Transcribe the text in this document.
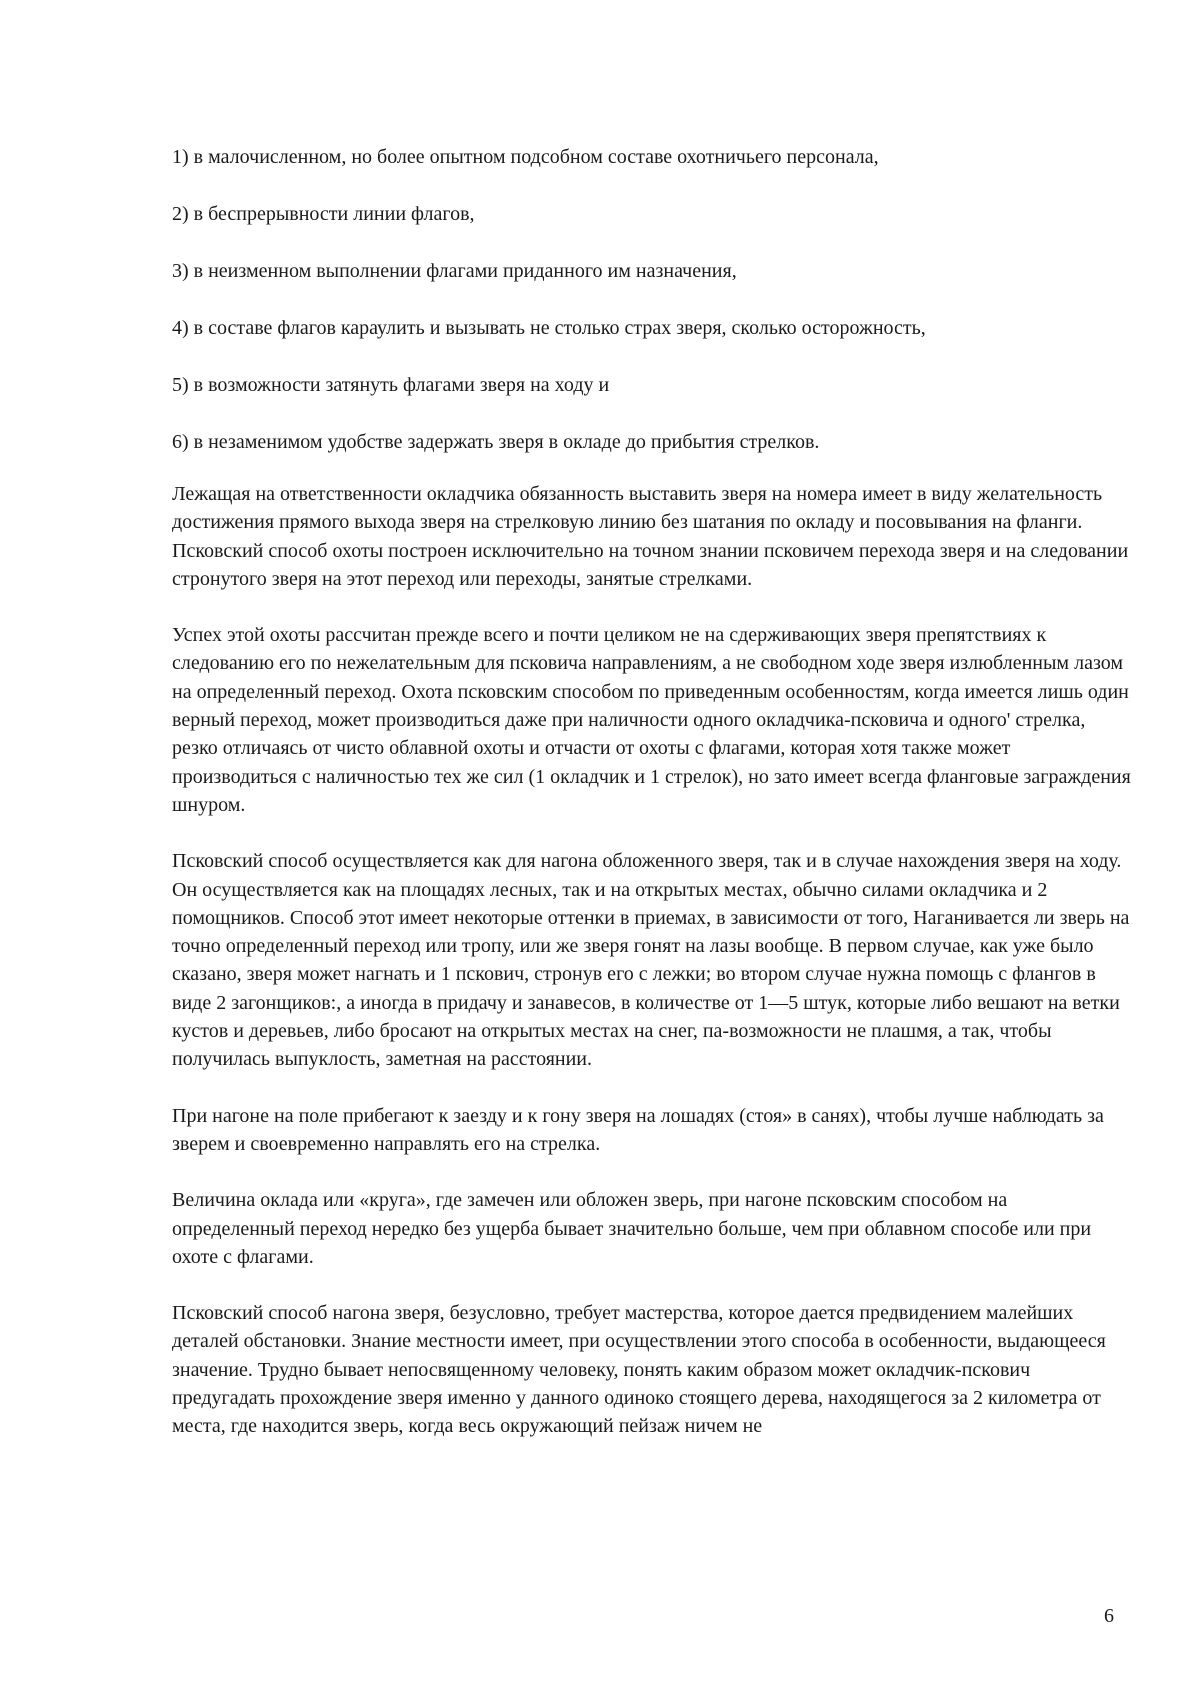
1) в малочисленном, но более опытном подсобном составе охотничьего персонала,
2) в беспрерывности линии флагов,
3) в неизменном выполнении флагами приданного им назначения,
4) в составе флагов караулить и вызывать не столько страх зверя, сколько осторожность,
5) в возможности затянуть флагами зверя на ходу и
6) в незаменимом удобстве задержать зверя в окладе до прибытия стрелков.

Лежащая на ответственности окладчика обязанность выставить зверя на номера имеет в виду желательность достижения прямого выхода зверя на стрелковую линию без шатания по окладу и посовывания на фланги. Псковский способ охоты построен исключительно на точном знании псковичем перехода зверя и на следовании стронутого зверя на этот переход или переходы, занятые стрелками.

Успех этой охоты рассчитан прежде всего и почти целиком не на сдерживающих зверя препятствиях к следованию его по нежелательным для псковича направлениям, а не свободном ходе зверя излюбленным лазом на определенный переход. Охота псковским способом по приведенным особенностям, когда имеется лишь один верный переход, может производиться даже при наличности одного окладчика-псковича и одного' стрелка, резко отличаясь от чисто облавной охоты и отчасти от охоты с флагами, которая хотя также может производиться с наличностью тех же сил (1 окладчик и 1 стрелок), но зато имеет всегда фланговые заграждения шнуром.

Псковский способ осуществляется как для нагона обложенного зверя, так и в случае нахождения зверя на ходу. Он осуществляется как на площадях лесных, так и на открытых местах, обычно силами окладчика и 2 помощников. Способ этот имеет некоторые оттенки в приемах, в зависимости от того, Наганивается ли зверь на точно определенный переход или тропу, или же зверя гонят на лазы вообще. В первом случае, как уже было сказано, зверя может нагнать и 1 пскович, стронув его с лежки; во втором случае нужна помощь с флангов в виде 2 загонщиков:, а иногда в придачу и занавесов, в количестве от 1—5 штук, которые либо вешают на ветки кустов и деревьев, либо бросают на открытых местах на снег, па-возможности не плашмя, а так, чтобы получилась выпуклость, заметная на расстоянии.

При нагоне на поле прибегают к заезду и к гону зверя на лошадях (стоя» в санях), чтобы лучше наблюдать за зверем и своевременно направлять его на стрелка.

Величина оклада или «круга», где замечен или обложен зверь, при нагоне псковским способом на определенный переход нередко без ущерба бывает значительно больше, чем при облавном способе или при охоте с флагами.

Псковский способ нагона зверя, безусловно, требует мастерства, которое дается предвидением малейших деталей обстановки. Знание местности имеет, при осуществлении этого способа в особенности, выдающееся значение. Трудно бывает непосвященному человеку, понять каким образом может окладчик-пскович предугадать прохождение зверя именно у данного одиноко стоящего дерева, находящегося за 2 километра от места, где находится зверь, когда весь окружающий пейзаж ничем не

6
